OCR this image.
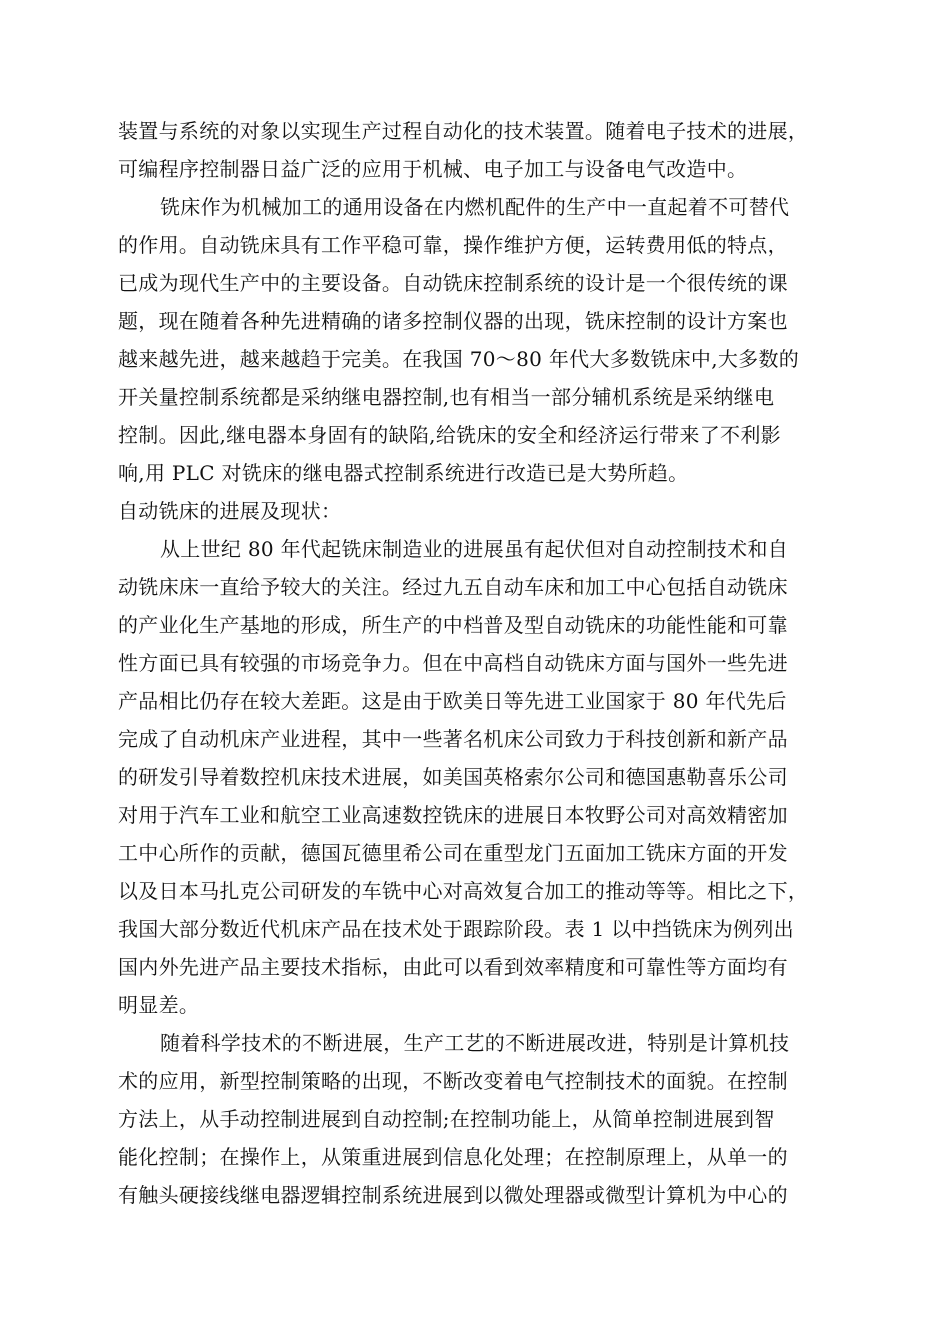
装置与系统的对象以实现生产过程自动化的技术装置。随着电子技术的进展，
可编程序控制器日益广泛的应用于机械、电子加工与设备电气改造中。
铣床作为机械加工的通用设备在内燃机配件的生产中一直起着不可替代
的作用。自动铣床具有工作平稳可靠，操作维护方便，运转费用低的特点，
已成为现代生产中的主要设备。自动铣床控制系统的设计是一个很传统的课
题，现在随着各种先进精确的诸多控制仪器的出现，铣床控制的设计方案也
越来越先进，越来越趋于完美。在我国 70～80 年代大多数铣床中,大多数的
开关量控制系统都是采纳继电器控制,也有相当一部分辅机系统是采纳继电
控制。因此,继电器本身固有的缺陷,给铣床的安全和经济运行带来了不利影
响,用 PLC 对铣床的继电器式控制系统进行改造已是大势所趋。
自动铣床的进展及现状：
从上世纪 80 年代起铣床制造业的进展虽有起伏但对自动控制技术和自
动铣床床一直给予较大的关注。经过九五自动车床和加工中心包括自动铣床
的产业化生产基地的形成，所生产的中档普及型自动铣床的功能性能和可靠
性方面已具有较强的市场竞争力。但在中高档自动铣床方面与国外一些先进
产品相比仍存在较大差距。这是由于欧美日等先进工业国家于 80 年代先后
完成了自动机床产业进程，其中一些著名机床公司致力于科技创新和新产品
的研发引导着数控机床技术进展，如美国英格索尔公司和德国惠勒喜乐公司
对用于汽车工业和航空工业高速数控铣床的进展日本牧野公司对高效精密加
工中心所作的贡献，德国瓦德里希公司在重型龙门五面加工铣床方面的开发
以及日本马扎克公司研发的车铣中心对高效复合加工的推动等等。相比之下，
我国大部分数近代机床产品在技术处于跟踪阶段。表 1 以中挡铣床为例列出
国内外先进产品主要技术指标，由此可以看到效率精度和可靠性等方面均有
明显差。
随着科学技术的不断进展，生产工艺的不断进展改进，特别是计算机技
术的应用，新型控制策略的出现，不断改变着电气控制技术的面貌。在控制
方法上，从手动控制进展到自动控制;在控制功能上，从简单控制进展到智
能化控制；在操作上，从策重进展到信息化处理；在控制原理上，从单一的
有触头硬接线继电器逻辑控制系统进展到以微处理器或微型计算机为中心的
